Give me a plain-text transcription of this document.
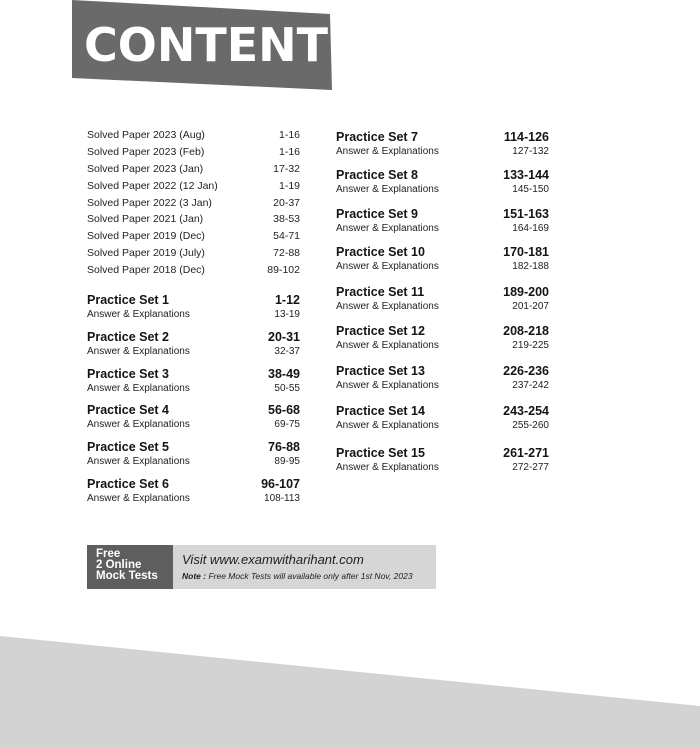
CONTENTS
Solved Paper 2023 (Aug)	1-16
Solved Paper 2023 (Feb)	1-16
Solved Paper 2023 (Jan)	17-32
Solved Paper 2022 (12 Jan)	1-19
Solved Paper 2022 (3 Jan)	20-37
Solved Paper 2021 (Jan)	38-53
Solved Paper 2019 (Dec)	54-71
Solved Paper 2019 (July)	72-88
Solved Paper 2018 (Dec)	89-102
Practice Set 1	1-12
Answer & Explanations	13-19
Practice Set 2	20-31
Answer & Explanations	32-37
Practice Set 3	38-49
Answer & Explanations	50-55
Practice Set 4	56-68
Answer & Explanations	69-75
Practice Set 5	76-88
Answer & Explanations	89-95
Practice Set 6	96-107
Answer & Explanations	108-113
Practice Set 7	114-126
Answer & Explanations	127-132
Practice Set 8	133-144
Answer & Explanations	145-150
Practice Set 9	151-163
Answer & Explanations	164-169
Practice Set 10	170-181
Answer & Explanations	182-188
Practice Set 11	189-200
Answer & Explanations	201-207
Practice Set 12	208-218
Answer & Explanations	219-225
Practice Set 13	226-236
Answer & Explanations	237-242
Practice Set 14	243-254
Answer & Explanations	255-260
Practice Set 15	261-271
Answer & Explanations	272-277
Free
2 Online
Mock Tests
Visit www.examwitharihant.com
Note : Free Mock Tests will available only after 1st Nov, 2023
